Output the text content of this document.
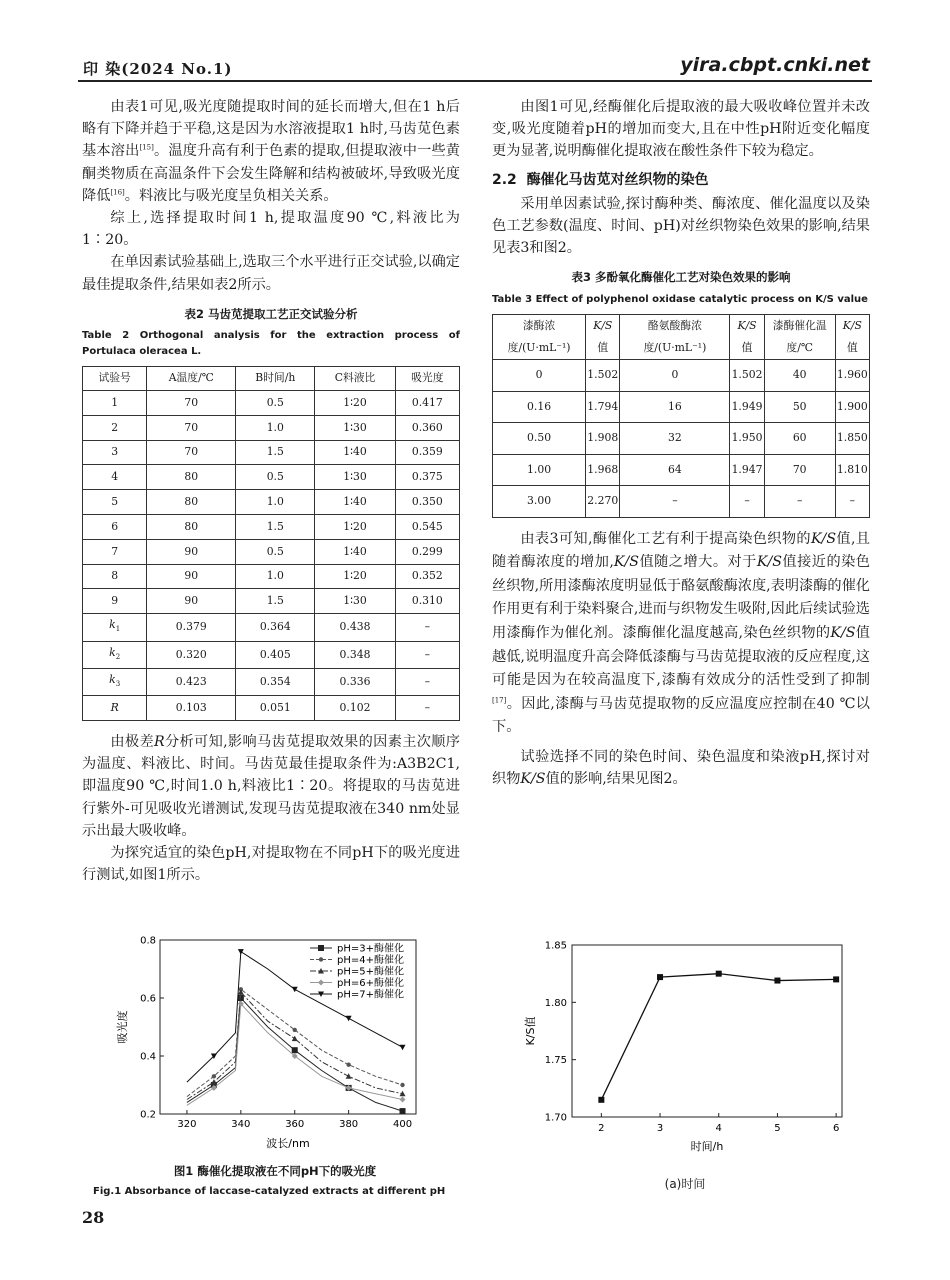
印 染(2024 No.1)	yira.cbpt.cnki.net

由表1可见,吸光度随提取时间的延长而增大,但在1 h后略有下降并趋于平稳,这是因为水溶液提取1 h时,马齿苋色素基本溶出[15]。温度升高有利于色素的提取,但提取液中一些黄酮类物质在高温条件下会发生降解和结构被破坏,导致吸光度降低[16]。料液比与吸光度呈负相关关系。

综上,选择提取时间1 h,提取温度90 ℃,料液比为1∶20。

在单因素试验基础上,选取三个水平进行正交试验,以确定最佳提取条件,结果如表2所示。

表2 马齿苋提取工艺正交试验分析
Table 2 Orthogonal analysis for the extraction process of Portulaca oleracea L.
试验号	A温度/℃	B时间/h	C料液比	吸光度
1	70	0.5	1∶20	0.417
2	70	1.0	1∶30	0.360
3	70	1.5	1∶40	0.359
4	80	0.5	1∶30	0.375
5	80	1.0	1∶40	0.350
6	80	1.5	1∶20	0.545
7	90	0.5	1∶40	0.299
8	90	1.0	1∶20	0.352
9	90	1.5	1∶30	0.310
$k_1$	0.379	0.364	0.438	–
$k_2$	0.320	0.405	0.348	–
$k_3$	0.423	0.354	0.336	–
R	0.103	0.051	0.102	–

由极差R分析可知,影响马齿苋提取效果的因素主次顺序为温度、料液比、时间。马齿苋最佳提取条件为:A3B2C1,即温度90 ℃,时间1.0 h,料液比1∶20。将提取的马齿苋进行紫外-可见吸收光谱测试,发现马齿苋提取液在340 nm处显示出最大吸收峰。

为探究适宜的染色pH,对提取物在不同pH下的吸光度进行测试,如图1所示。

320	340	360	380	400
0.2
0.4
0.6
0.8
波长/nm
吸光度
pH=3+酶催化
pH=4+酶催化
pH=5+酶催化
pH=6+酶催化
pH=7+酶催化
图1 酶催化提取液在不同pH下的吸光度
Fig.1 Absorbance of laccase-catalyzed extracts at different pH

由图1可见,经酶催化后提取液的最大吸收峰位置并未改变,吸光度随着pH的增加而变大,且在中性pH附近变化幅度更为显著,说明酶催化提取液在酸性条件下较为稳定。

2.2 酶催化马齿苋对丝织物的染色

采用单因素试验,探讨酶种类、酶浓度、催化温度以及染色工艺参数(温度、时间、pH)对丝织物染色效果的影响,结果见表3和图2。

表3 多酚氧化酶催化工艺对染色效果的影响
Table 3 Effect of polyphenol oxidase catalytic process on K/S value
漆酶浓度/(U·mL⁻¹)	K/S值	酪氨酸酶浓度/(U·mL⁻¹)	K/S值	漆酶催化温度/℃	K/S值
0	1.502	0	1.502	40	1.960
0.16	1.794	16	1.949	50	1.900
0.50	1.908	32	1.950	60	1.850
1.00	1.968	64	1.947	70	1.810
3.00	2.270	–	–	–	–

由表3可知,酶催化工艺有利于提高染色织物的K/S值,且随着酶浓度的增加,K/S值随之增大。对于K/S值接近的染色丝织物,所用漆酶浓度明显低于酪氨酸酶浓度,表明漆酶的催化作用更有利于染料聚合,进而与织物发生吸附,因此后续试验选用漆酶作为催化剂。漆酶催化温度越高,染色丝织物的K/S值越低,说明温度升高会降低漆酶与马齿苋提取液的反应程度,这可能是因为在较高温度下,漆酶有效成分的活性受到了抑制[17]。因此,漆酶与马齿苋提取物的反应温度应控制在40 ℃以下。

试验选择不同的染色时间、染色温度和染液pH,探讨对织物K/S值的影响,结果见图2。

2	3	4	5	6
1.70
1.75
1.80
1.85
时间/h
K/S值
(a)时间
28
